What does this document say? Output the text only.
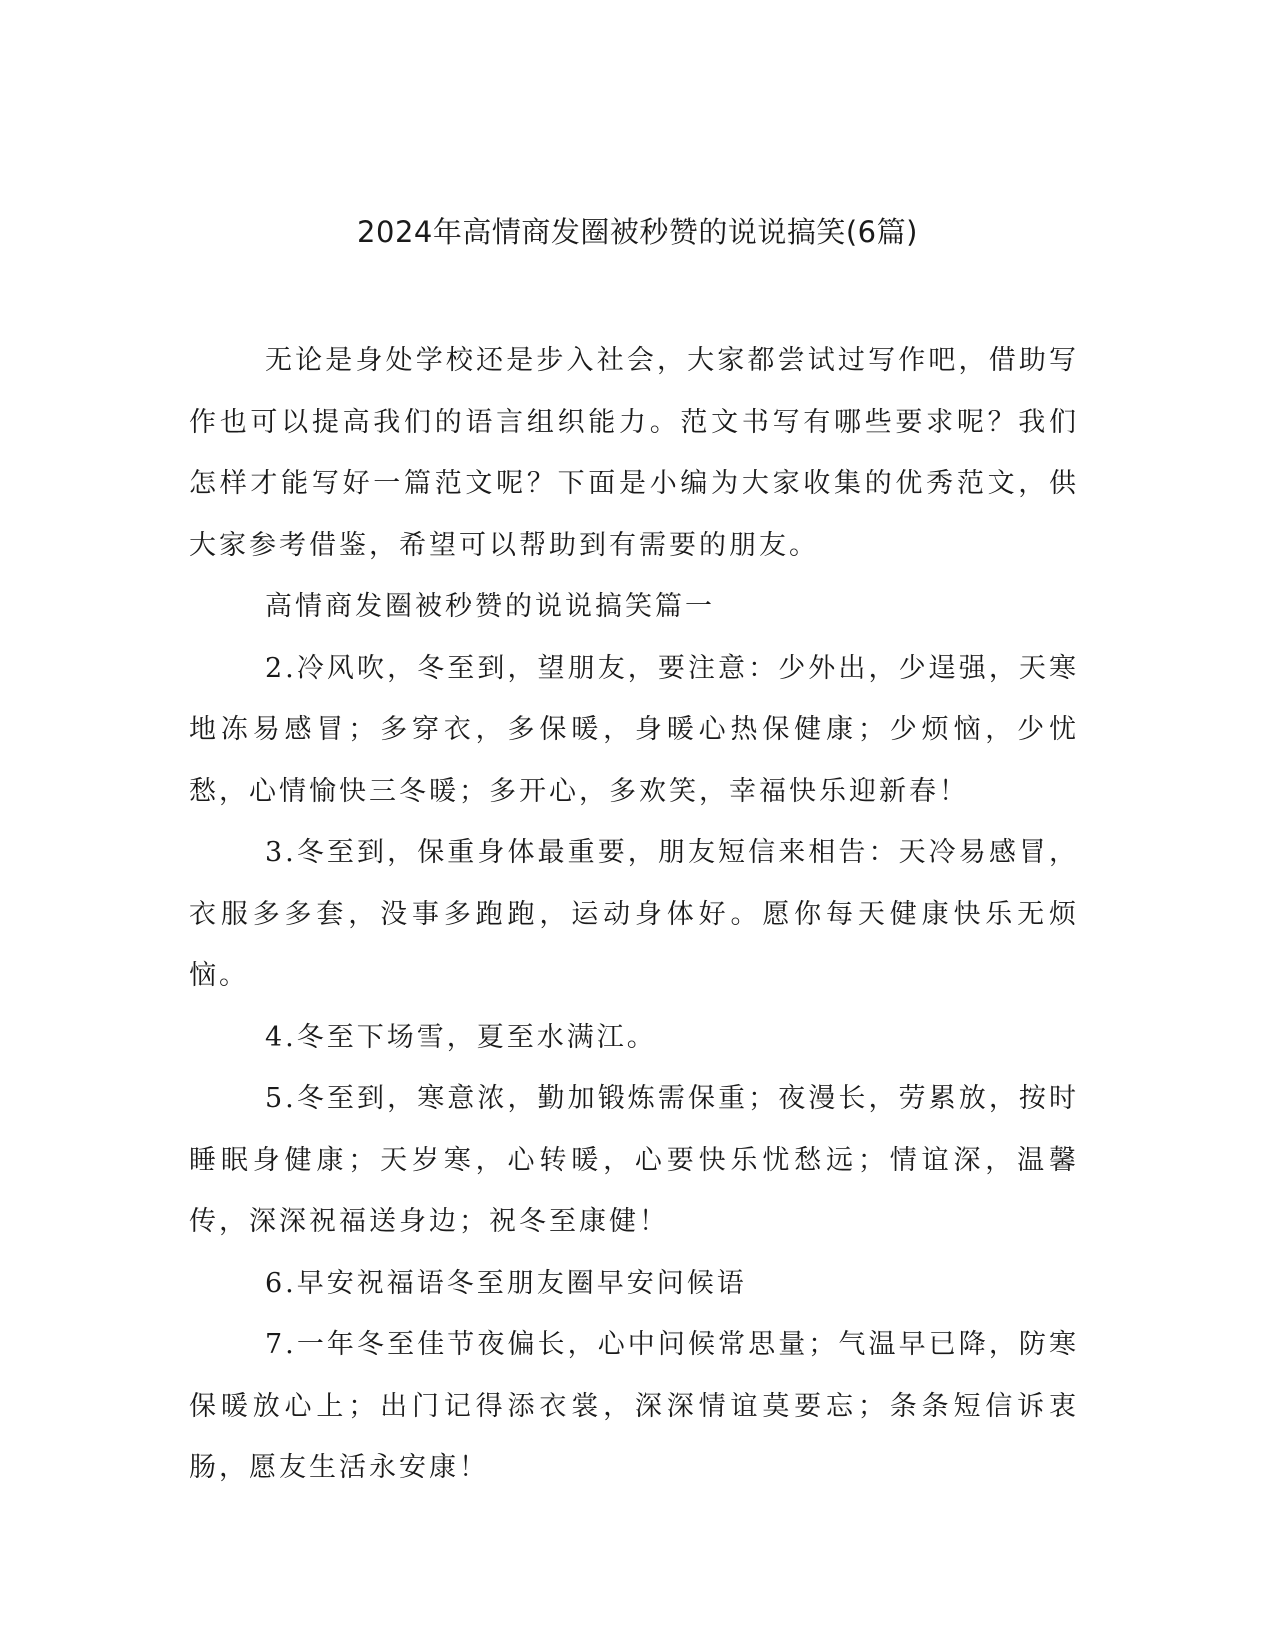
2024年高情商发圈被秒赞的说说搞笑(6篇)

无论是身处学校还是步入社会，大家都尝试过写作吧，借助写作也可以提高我们的语言组织能力。范文书写有哪些要求呢？我们怎样才能写好一篇范文呢？下面是小编为大家收集的优秀范文，供大家参考借鉴，希望可以帮助到有需要的朋友。

高情商发圈被秒赞的说说搞笑篇一

2.冷风吹，冬至到，望朋友，要注意：少外出，少逞强，天寒地冻易感冒；多穿衣，多保暖，身暖心热保健康；少烦恼，少忧愁，心情愉快三冬暖；多开心，多欢笑，幸福快乐迎新春！

3.冬至到，保重身体最重要，朋友短信来相告：天冷易感冒，衣服多多套，没事多跑跑，运动身体好。愿你每天健康快乐无烦恼。

4.冬至下场雪，夏至水满江。

5.冬至到，寒意浓，勤加锻炼需保重；夜漫长，劳累放，按时睡眠身健康；天岁寒，心转暖，心要快乐忧愁远；情谊深，温馨传，深深祝福送身边；祝冬至康健！

6.早安祝福语冬至朋友圈早安问候语

7.一年冬至佳节夜偏长，心中问候常思量；气温早已降，防寒保暖放心上；出门记得添衣裳，深深情谊莫要忘；条条短信诉衷肠，愿友生活永安康！
